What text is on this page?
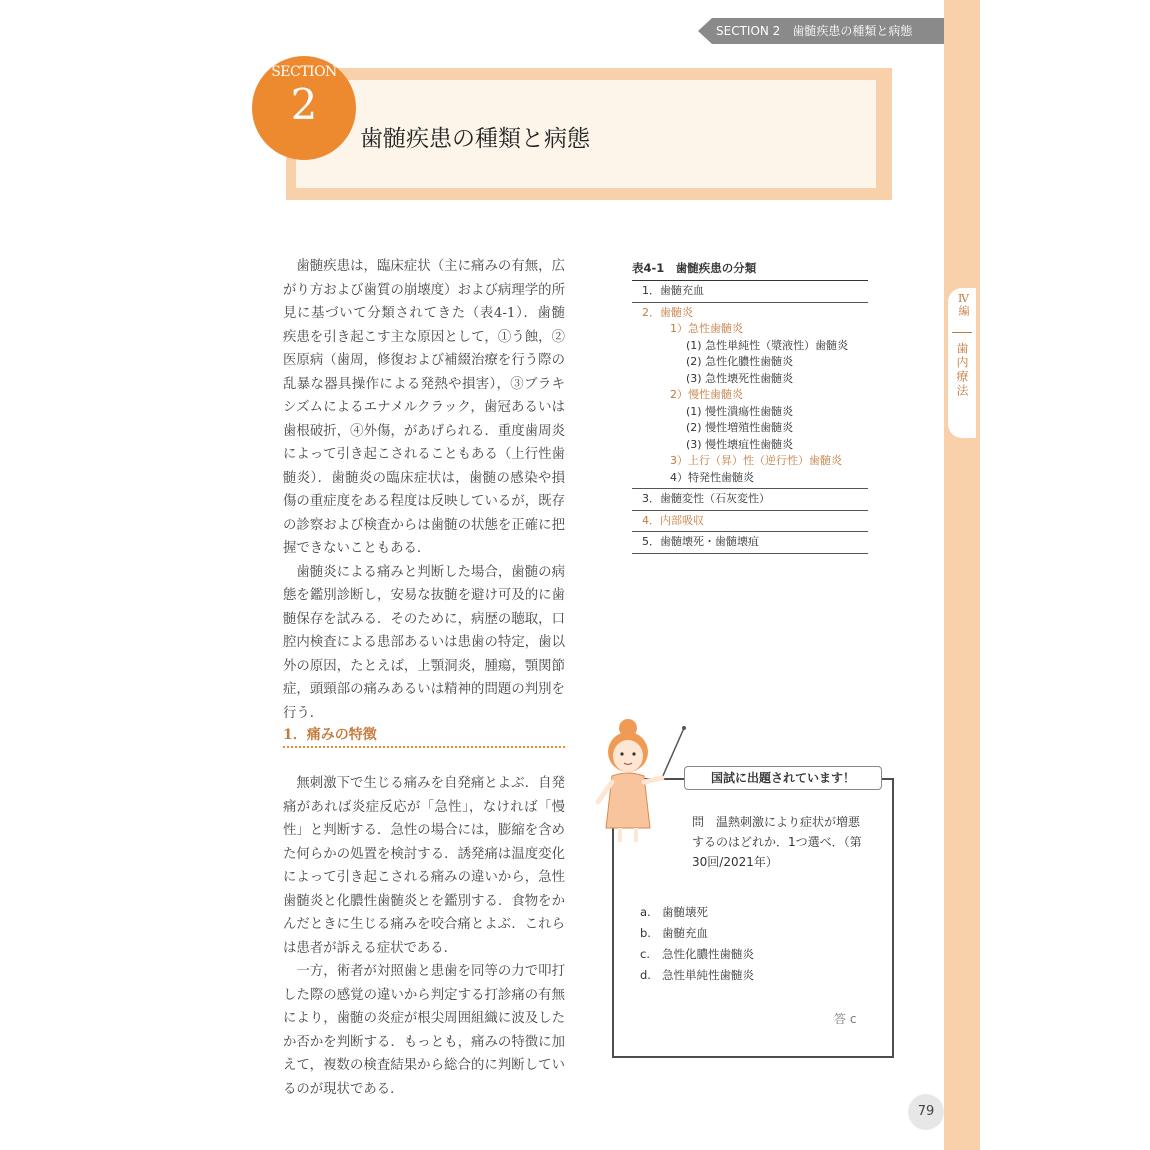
SECTION 2　歯髄疾患の種類と病態
Ⅳ編
歯内療法
SECTION
2
歯髄疾患の種類と病態

歯髄疾患は，臨床症状（主に痛みの有無，広がり方および歯質の崩壊度）および病理学的所見に基づいて分類されてきた（表4-1）．歯髄疾患を引き起こす主な原因として，①う蝕，②医原病（歯周，修復および補綴治療を行う際の乱暴な器具操作による発熱や損害），③ブラキシズムによるエナメルクラック，歯冠あるいは歯根破折，④外傷，があげられる．重度歯周炎によって引き起こされることもある（上行性歯髄炎）．歯髄炎の臨床症状は，歯髄の感染や損傷の重症度をある程度は反映しているが，既存の診察および検査からは歯髄の状態を正確に把握できないこともある．

歯髄炎による痛みと判断した場合，歯髄の病態を鑑別診断し，安易な抜髄を避け可及的に歯髄保存を試みる．そのために，病歴の聴取，口腔内検査による患部あるいは患歯の特定，歯以外の原因，たとえば，上顎洞炎，腫瘍，顎関節症，頭頸部の痛みあるいは精神的問題の判別を行う．

1．痛みの特徴

無刺激下で生じる痛みを自発痛とよぶ．自発痛があれば炎症反応が「急性」，なければ「慢性」と判断する．急性の場合には，膨縮を含めた何らかの処置を検討する．誘発痛は温度変化によって引き起こされる痛みの違いから，急性歯髄炎と化膿性歯髄炎とを鑑別する．食物をかんだときに生じる痛みを咬合痛とよぶ．これらは患者が訴える症状である．

一方，術者が対照歯と患歯を同等の力で叩打した際の感覚の違いから判定する打診痛の有無により，歯髄の炎症が根尖周囲組織に波及したか否かを判断する．もっとも，痛みの特徴に加えて，複数の検査結果から総合的に判断しているのが現状である．

表4-1　歯髄疾患の分類
1．歯髄充血
2．歯髄炎
1）急性歯髄炎
(1) 急性単純性（漿液性）歯髄炎
(2) 急性化膿性歯髄炎
(3) 急性壊死性歯髄炎
2）慢性歯髄炎
(1) 慢性潰瘍性歯髄炎
(2) 慢性増殖性歯髄炎
(3) 慢性壊疽性歯髄炎
3）上行（昇）性（逆行性）歯髄炎
4）特発性歯髄炎
3．歯髄変性（石灰変性）
4．内部吸収
5．歯髄壊死・歯髄壊疽
国試に出題されています！
問　温熱刺激により症状が増悪するのはどれか．1つ選べ．（第30回/2021年）
a. 歯髄壊死
b. 歯髄充血
c. 急性化膿性歯髄炎
d. 急性単純性歯髄炎
答 c
79
